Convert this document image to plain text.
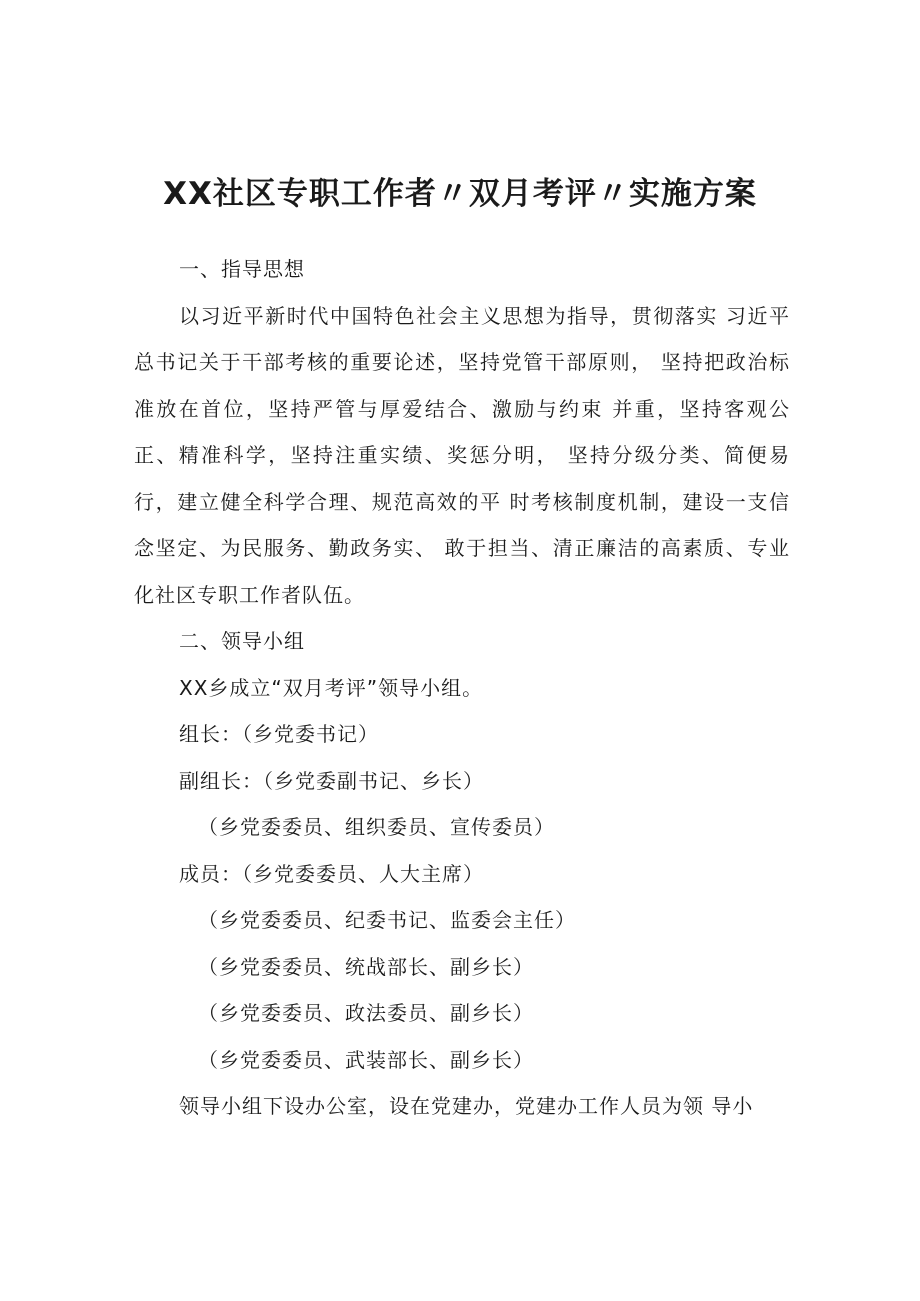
XX社区专职工作者〃双月考评〃实施方案

一、指导思想

以习近平新时代中国特色社会主义思想为指导，贯彻落实 习近平总书记关于干部考核的重要论述，坚持党管干部原则， 坚持把政治标准放在首位，坚持严管与厚爱结合、激励与约束 并重，坚持客观公正、精准科学，坚持注重实绩、奖惩分明， 坚持分级分类、简便易行，建立健全科学合理、规范高效的平 时考核制度机制，建设一支信念坚定、为民服务、勤政务实、 敢于担当、清正廉洁的高素质、专业化社区专职工作者队伍。

二、领导小组

XX乡成立“双月考评”领导小组。

组长：（乡党委书记）

副组长：（乡党委副书记、乡长）

（乡党委委员、组织委员、宣传委员）

成员：（乡党委委员、人大主席）

（乡党委委员、纪委书记、监委会主任）

（乡党委委员、统战部长、副乡长）

（乡党委委员、政法委员、副乡长）

（乡党委委员、武装部长、副乡长）

领导小组下设办公室，设在党建办，党建办工作人员为领 导小
